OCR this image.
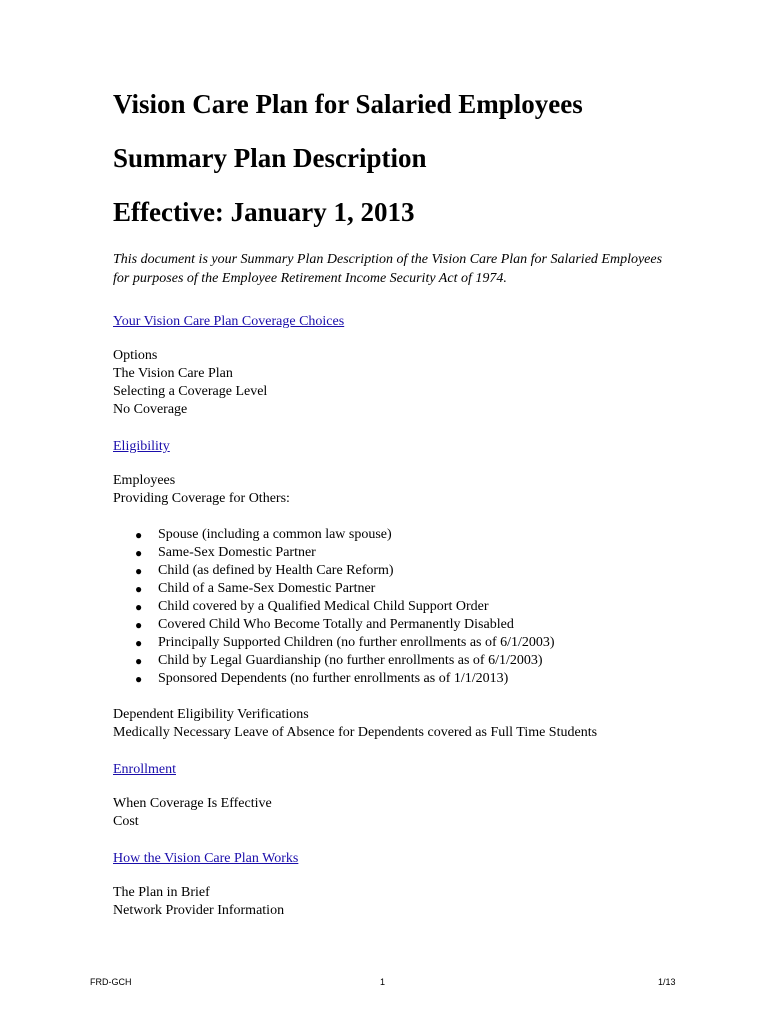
Vision Care Plan for Salaried Employees
Summary Plan Description
Effective: January 1, 2013

This document is your Summary Plan Description of the Vision Care Plan for Salaried Employees for purposes of the Employee Retirement Income Security Act of 1974.

Your Vision Care Plan Coverage Choices
Options
The Vision Care Plan
Selecting a Coverage Level
No Coverage
Eligibility
Employees
Providing Coverage for Others:
● Spouse (including a common law spouse)
● Same-Sex Domestic Partner
● Child (as defined by Health Care Reform)
● Child of a Same-Sex Domestic Partner
● Child covered by a Qualified Medical Child Support Order
● Covered Child Who Become Totally and Permanently Disabled
● Principally Supported Children (no further enrollments as of 6/1/2003)
● Child by Legal Guardianship (no further enrollments as of 6/1/2003)
● Sponsored Dependents (no further enrollments as of 1/1/2013)
Dependent Eligibility Verifications
Medically Necessary Leave of Absence for Dependents covered as Full Time Students
Enrollment
When Coverage Is Effective
Cost
How the Vision Care Plan Works
The Plan in Brief
Network Provider Information
FRD-GCH	1	1/13
